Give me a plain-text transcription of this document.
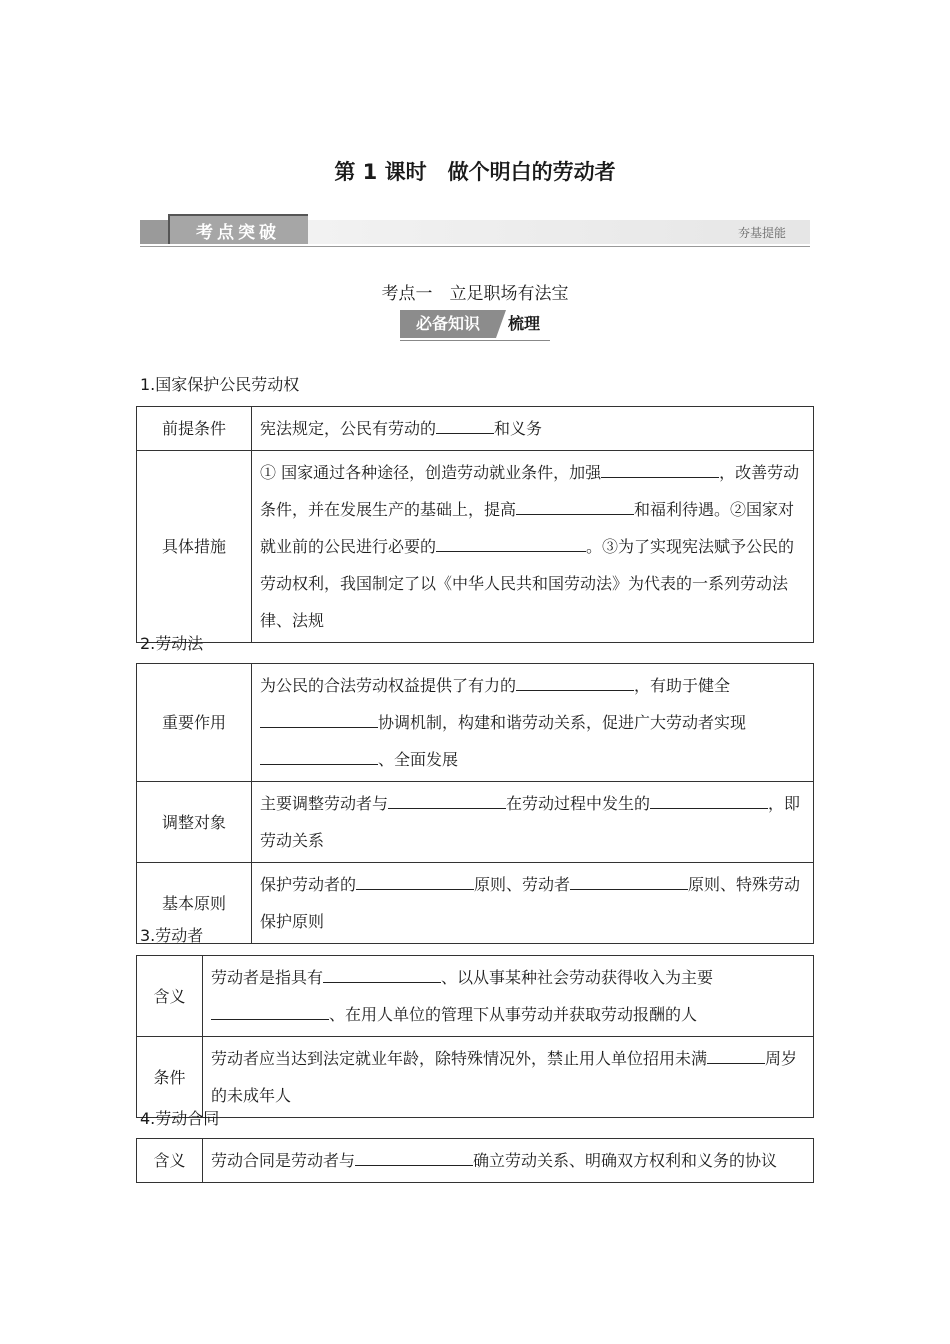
第 1 课时　做个明白的劳动者
考点突破	夯基提能
考点一　立足职场有法宝
必备知识	梳理
1.国家保护公民劳动权
前提条件	宪法规定，公民有劳动的 和义务
具体措施	① 国家通过各种途径，创造劳动就业条件，加强 ，改善劳动条件，并在发展生产的基础上，提高 和福利待遇。②国家对就业前的公民进行必要的 。③为了实现宪法赋予公民的劳动权利，我国制定了以《中华人民共和国劳动法》为代表的一系列劳动法律、法规
2.劳动法
重要作用	为公民的合法劳动权益提供了有力的 ，有助于健全协调机制，构建和谐劳动关系，促进广大劳动者实现、全面发展
调整对象	主要调整劳动者与 在劳动过程中发生的 ，即劳动关系
基本原则	保护劳动者的 原则、劳动者 原则、特殊劳动保护原则
3.劳动者
含义	劳动者是指具有 、以从事某种社会劳动获得收入为主要、在用人单位的管理下从事劳动并获取劳动报酬的人
条件	劳动者应当达到法定就业年龄，除特殊情况外，禁止用人单位招用未满 周岁的未成年人
4.劳动合同
含义	劳动合同是劳动者与	确立劳动关系、明确双方权利和义务的协议
